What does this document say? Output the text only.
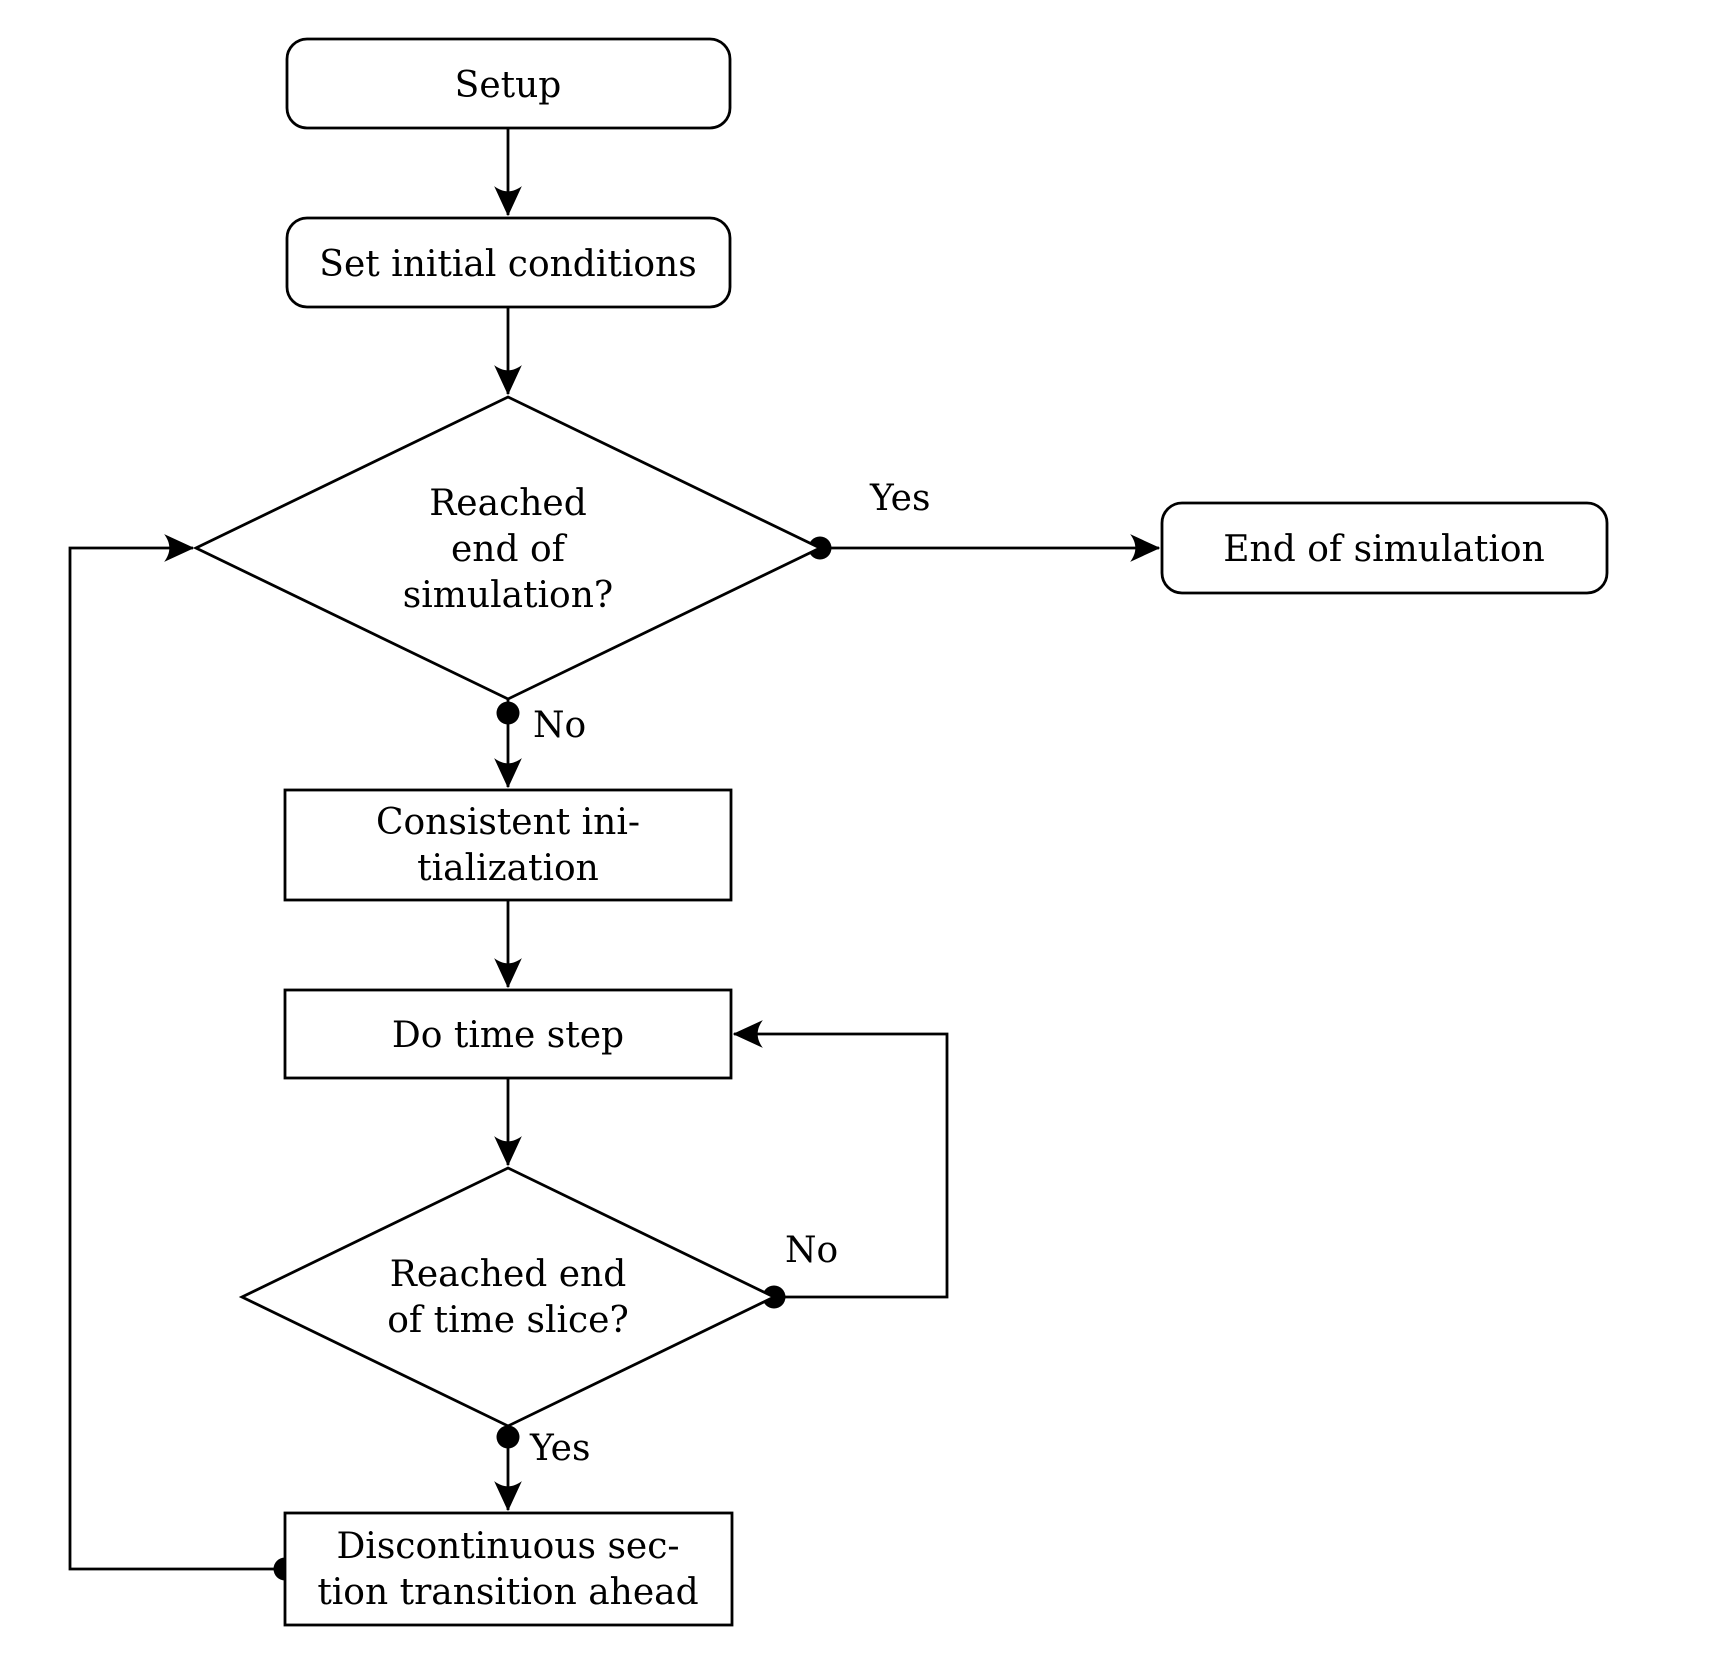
Yes
No
No
Yes
Setup
Set initial conditions
Reached
end of
simulation?
End of simulation
Consistent ini-
tialization
Do time step
Reached end
of time slice?
Discontinuous sec-
tion transition ahead
